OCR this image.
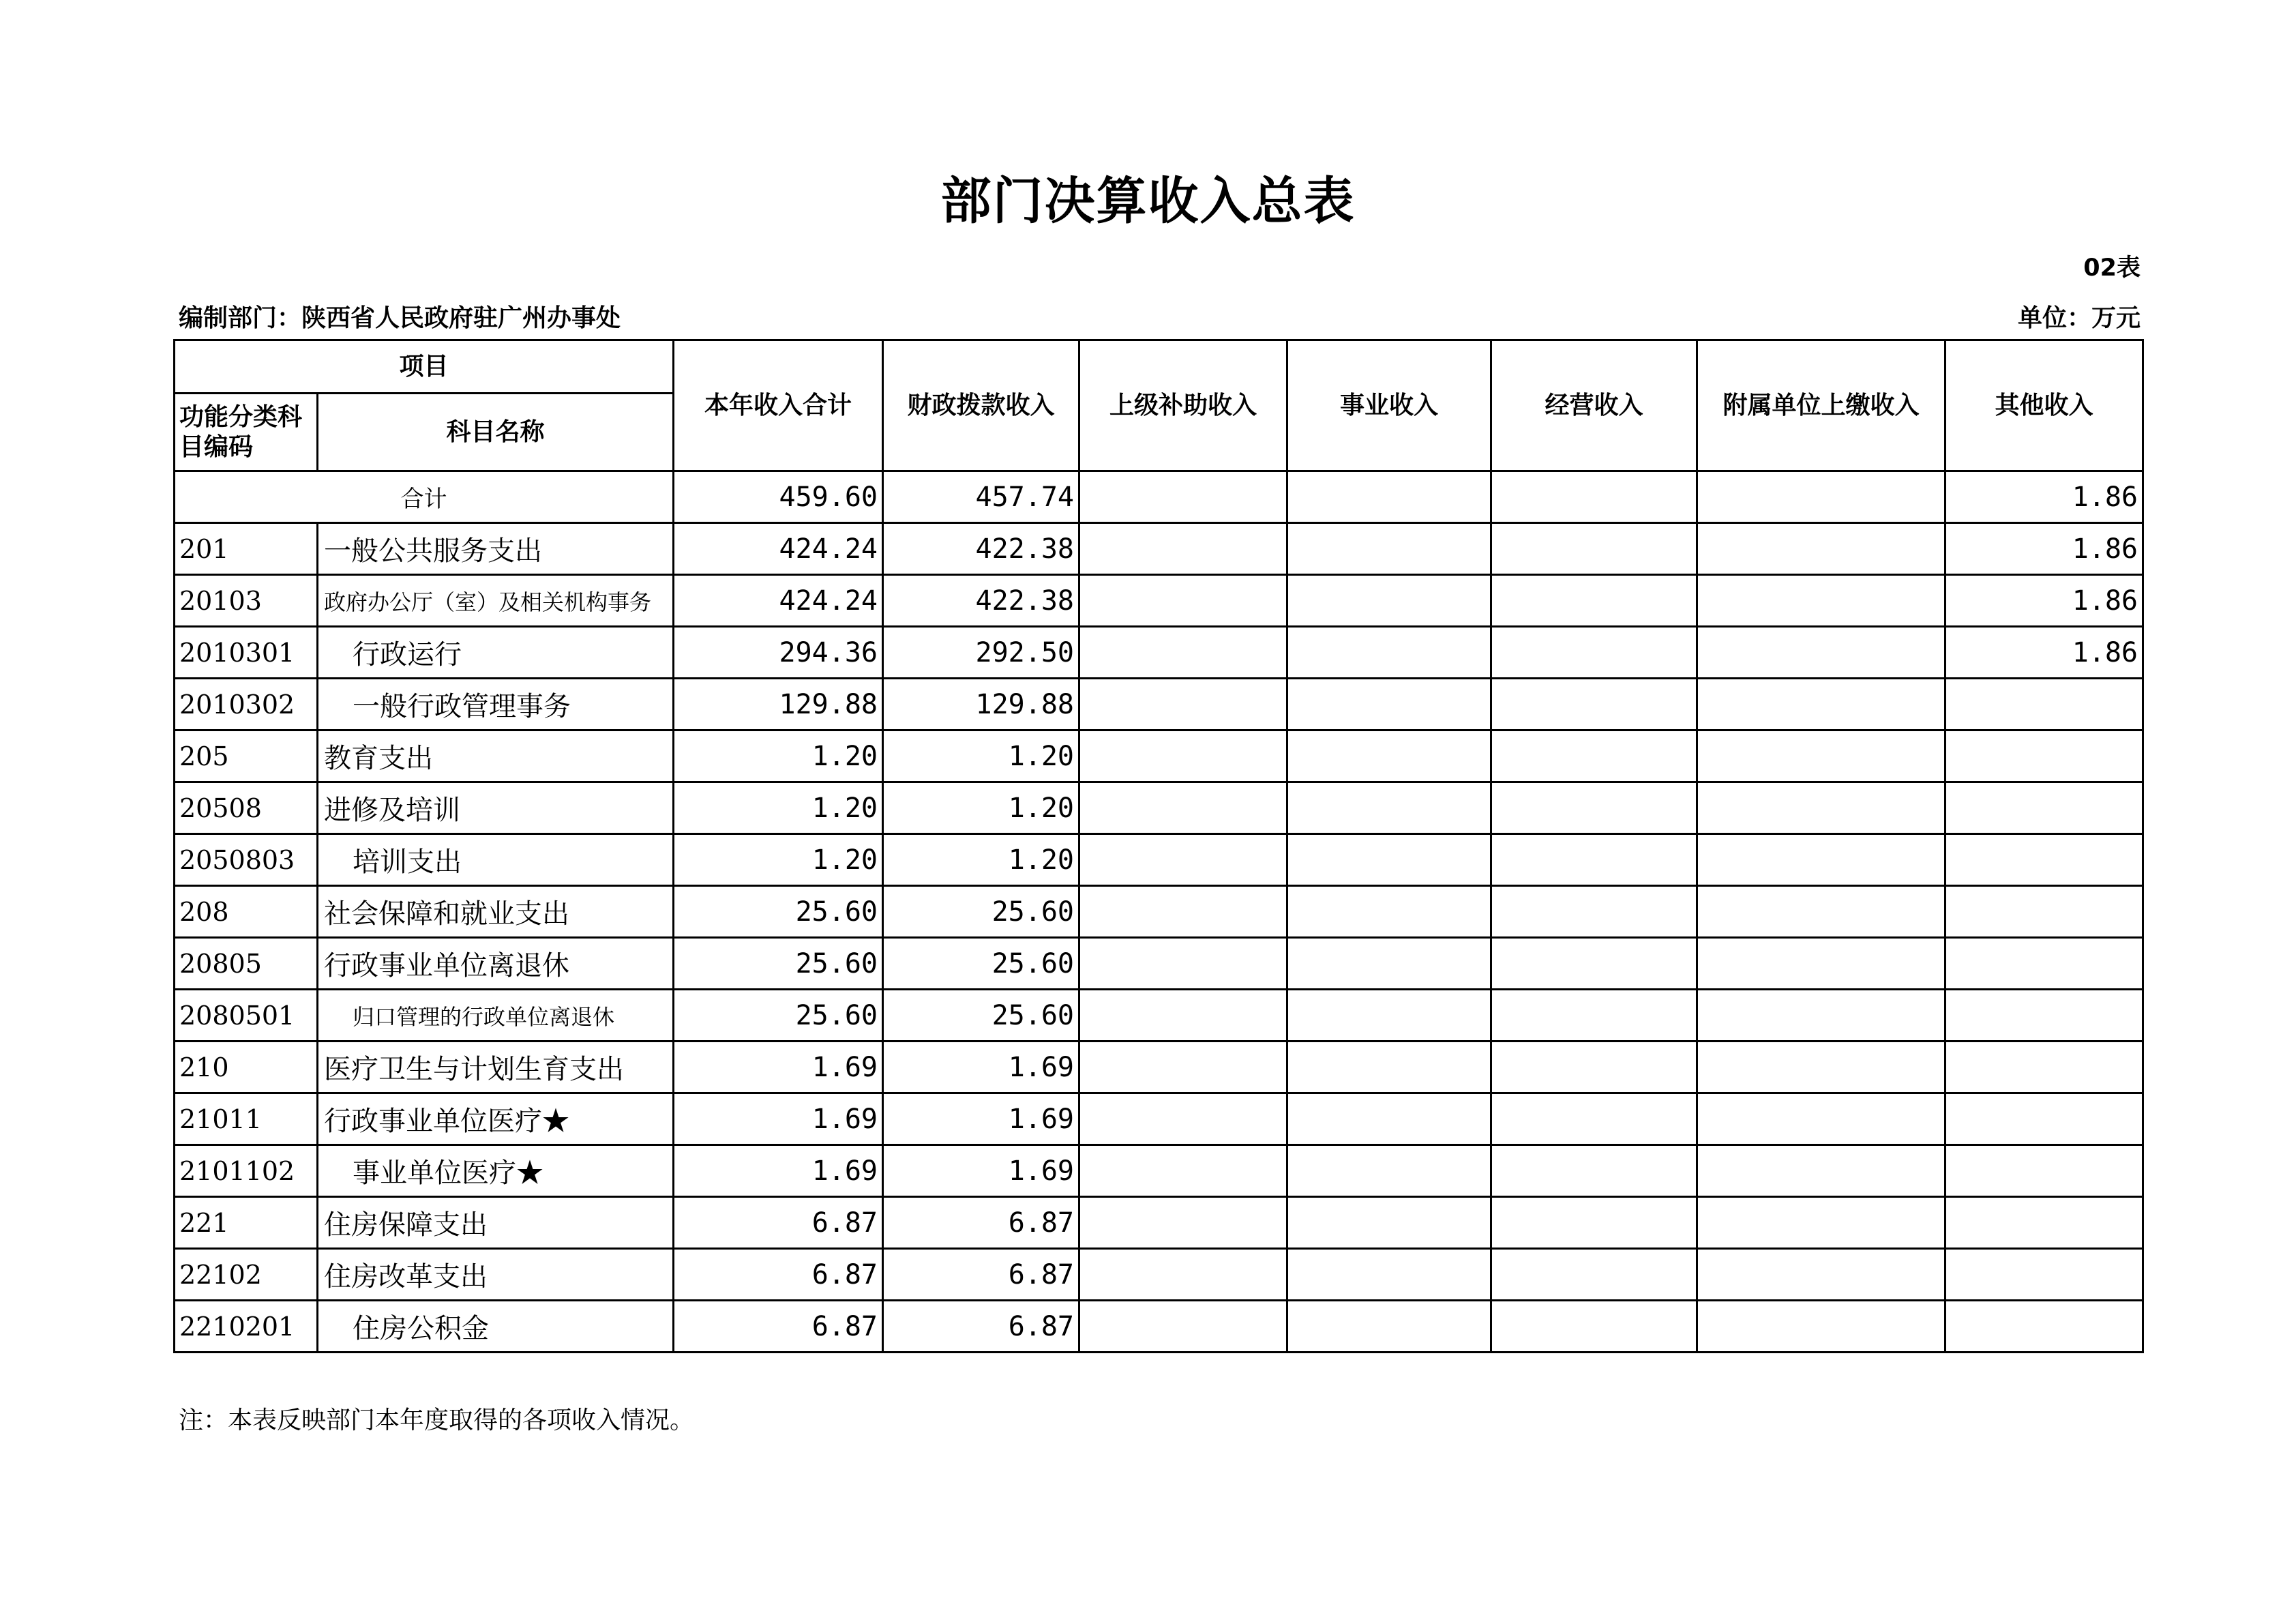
部门决算收入总表
02表
编制部门：陕西省人民政府驻广州办事处	单位：万元
项目		本年收入合计	财政拨款收入	上级补助收入	事业收入	经营收入	附属单位上缴收入	其他收入
功能分类科目编码	科目名称							
合计		459.60	457.74					1.86
201	一般公共服务支出	424.24	422.38					1.86
20103	政府办公厅（室）及相关机构事务	424.24	422.38					1.86
2010301	行政运行	294.36	292.50					1.86
2010302	一般行政管理事务	129.88	129.88					
205	教育支出	1.20	1.20					
20508	进修及培训	1.20	1.20					
2050803	培训支出	1.20	1.20					
208	社会保障和就业支出	25.60	25.60					
20805	行政事业单位离退休	25.60	25.60					
2080501	归口管理的行政单位离退休	25.60	25.60					
210	医疗卫生与计划生育支出	1.69	1.69					
21011	行政事业单位医疗★	1.69	1.69					
2101102	事业单位医疗★	1.69	1.69					
221	住房保障支出	6.87	6.87					
22102	住房改革支出	6.87	6.87					
2210201	住房公积金	6.87	6.87					
注：本表反映部门本年度取得的各项收入情况。
